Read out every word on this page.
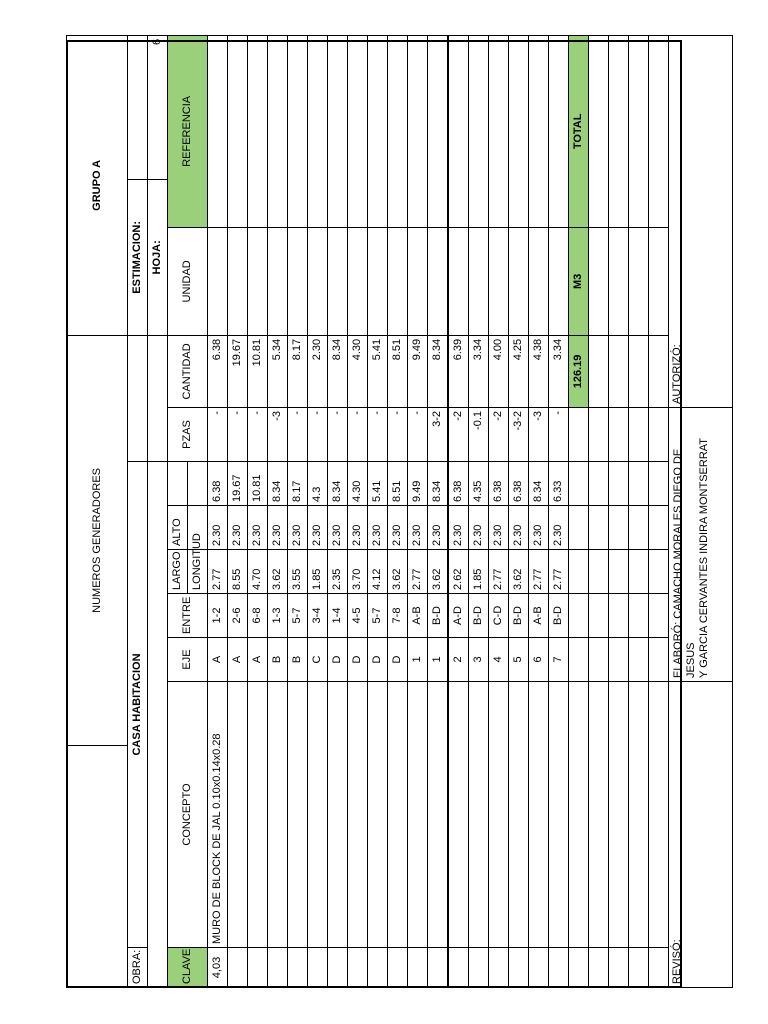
		NUMEROS GENERADORES								GRUPO A		
OBRA:	CASA HABITACION									ESTIMACION:		
										HOJA:		6
CLAVE	CONCEPTO		EJE	ENTRE	LARGO	ALTO		PZAS	CANTIDAD	UNIDAD	REFERENCIA	
					LONGITUD							
4,03	MURO DE BLOCK DE JAL 0.10x0.14x0.28		A	1-2	2.77	2.30	6.38	-	6.38			
			A	2-6	8.55	2.30	19.67	-	19.67			
			A	6-8	4.70	2.30	10.81	-	10.81			
			B	1-3	3.62	2.30	8.34	-3	5.34			
			B	5-7	3.55	2.30	8.17	-	8.17			
			C	3-4	1.85	2.30	4.3	-	2.30			
			D	1-4	2.35	2.30	8.34	-	8.34			
			D	4-5	3.70	2.30	4.30	-	4.30			
			D	5-7	4.12	2.30	5.41	-	5.41			
			D	7-8	3.62	2.30	8.51	-	8.51			
			1	A-B	2.77	2.30	9.49	-	9.49			
			1	B-D	3.62	2.30	8.34	3-2	8.34			
			2	A-D	2.62	2.30	6.38	-2	6.39			
			3	B-D	1.85	2.30	4.35	-0.1	3.34			
			4	C-D	2.77	2.30	6.38	-2	4.00			
			5	B-D	3.62	2.30	6.38	-3-2	4.25			
			6	A-B	2.77	2.30	8.34	-3	4.38			
			7	B-D	2.77	2.30	6.33	-	3.34			
									126.19	M3	TOTAL	

REVISÓ:			ELABORÓ: CAMACHO MORALES DIEGO DE JESUS Y GARCIA CERVANTES INDIRA MONTSERRAT						AUTORIZÓ:			
